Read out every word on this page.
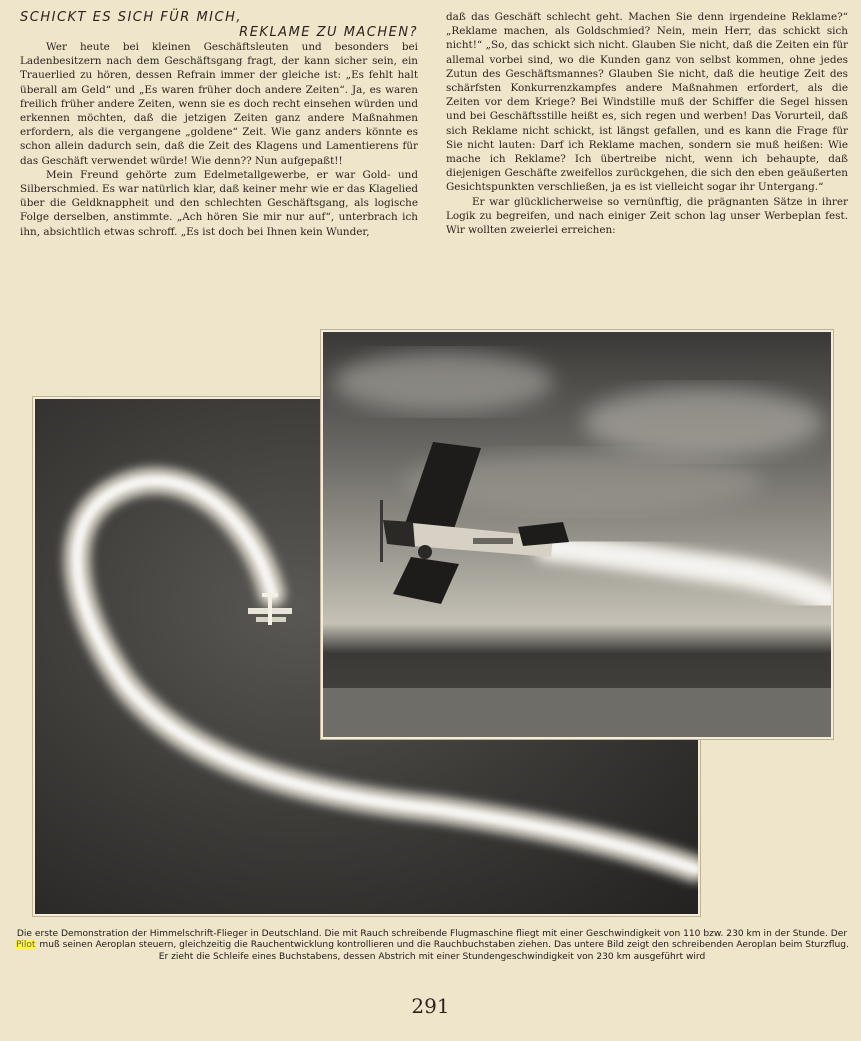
SCHICKT ES SICH FÜR MICH,
REKLAME ZU MACHEN?

Wer heute bei kleinen Geschäftsleuten und besonders bei Ladenbesitzern nach dem Geschäftsgang fragt, der kann sicher sein, ein Trauerlied zu hören, dessen Refrain immer der gleiche ist: „Es fehlt halt überall am Geld“ und „Es waren früher doch andere Zeiten“. Ja, es waren freilich früher andere Zeiten, wenn sie es doch recht einsehen würden und erkennen möchten, daß die jetzigen Zeiten ganz andere Maßnahmen erfordern, als die vergangene „goldene“ Zeit. Wie ganz anders könnte es schon allein dadurch sein, daß die Zeit des Klagens und Lamentierens für das Geschäft verwendet würde! Wie denn?? Nun aufgepaßt!!

Mein Freund gehörte zum Edelmetallgewerbe, er war Gold- und Silberschmied. Es war natürlich klar, daß keiner mehr wie er das Klagelied über die Geldknappheit und den schlechten Geschäftsgang, als logische Folge derselben, anstimmte. „Ach hören Sie mir nur auf“, unterbrach ich ihn, absichtlich etwas schroff. „Es ist doch bei Ihnen kein Wunder,

daß das Geschäft schlecht geht. Machen Sie denn irgendeine Reklame?“ „Reklame machen, als Goldschmied? Nein, mein Herr, das schickt sich nicht!“ „So, das schickt sich nicht. Glauben Sie nicht, daß die Zeiten ein für allemal vorbei sind, wo die Kunden ganz von selbst kommen, ohne jedes Zutun des Geschäftsmannes? Glauben Sie nicht, daß die heutige Zeit des schärfsten Konkurrenzkampfes andere Maßnahmen erfordert, als die Zeiten vor dem Kriege? Bei Windstille muß der Schiffer die Segel hissen und bei Geschäftsstille heißt es, sich regen und werben! Das Vorurteil, daß sich Reklame nicht schickt, ist längst gefallen, und es kann die Frage für Sie nicht lauten: Darf ich Reklame machen, sondern sie muß heißen: Wie mache ich Reklame? Ich übertreibe nicht, wenn ich behaupte, daß diejenigen Geschäfte zweifellos zurückgehen, die sich den eben geäußerten Gesichtspunkten verschließen, ja es ist vielleicht sogar ihr Untergang.“

Er war glücklicherweise so vernünftig, die prägnanten Sätze in ihrer Logik zu begreifen, und nach einiger Zeit schon lag unser Werbeplan fest. Wir wollten zweierlei erreichen:

Die erste Demonstration der Himmelschrift-Flieger in Deutschland. Die mit Rauch schreibende Flugmaschine fliegt mit einer Geschwindigkeit von 110 bzw. 230 km in der Stunde. Der Pilot muß seinen Aeroplan steuern, gleichzeitig die Rauchentwicklung kontrollieren und die Rauchbuchstaben ziehen. Das untere Bild zeigt den schreibenden Aeroplan beim Sturzflug. Er zieht die Schleife eines Buchstabens, dessen Abstrich mit einer Stundengeschwindigkeit von 230 km ausgeführt wird
291
